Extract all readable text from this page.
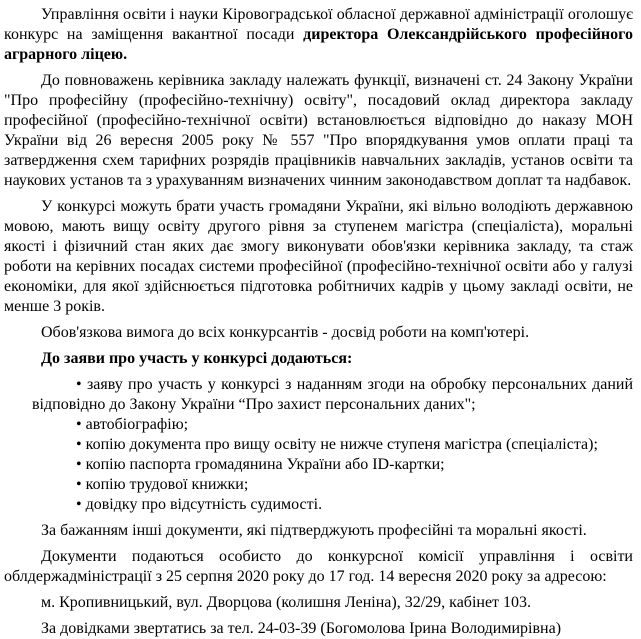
Управління освіти і науки Кіровоградської обласної державної адміністрації оголошує конкурс на заміщення вакантної посади директора Олександрійського професійного аграрного ліцею.

До повноважень керівника закладу належать функції, визначені ст. 24 Закону України "Про професійну (професійно-технічну) освіту", посадовий оклад директора закладу професійної (професійно-технічної освіти) встановлюється відповідно до наказу МОН України від 26 вересня 2005 року № 557 "Про впорядкування умов оплати праці та затвердження схем тарифних розрядів працівників навчальних закладів, установ освіти та наукових установ та з урахуванням визначених чинним законодавством доплат та надбавок.

У конкурсі можуть брати участь громадяни України, які вільно володіють державною мовою, мають вищу освіту другого рівня за ступенем магістра (спеціаліста), моральні якості і фізичний стан яких дає змогу виконувати обов'язки керівника закладу, та стаж роботи на керівних посадах системи професійної (професійно-технічної освіти або у галузі економіки, для якої здійснюється підготовка робітничих кадрів у цьому закладі освіти, не менше 3 років.

Обов'язкова вимога до всіх конкурсантів - досвід роботи на комп'ютері.

До заяви про участь у конкурсі додаються:

• заяву про участь у конкурсі з наданням згоди на обробку персональних даний відповідно до Закону України “Про захист персональних даних";
• автобіографію;
• копію документа про вищу освіту не нижче ступеня магістра (спеціаліста);
• копію паспорта громадянина України або ID-картки;
• копію трудової книжки;
• довідку про відсутність судимості.

За бажанням інші документи, які підтверджують професійні та моральні якості.

Документи подаються особисто до конкурсної комісії управління і освіти облдержадміністрації з 25 серпня 2020 року до 17 год. 14 вересня 2020 року за адресою:

м. Кропивницький, вул. Дворцова (колишня Леніна), 32/29, кабінет 103.

За довідками звертатись за тел. 24-03-39 (Богомолова Ірина Володимирівна)
